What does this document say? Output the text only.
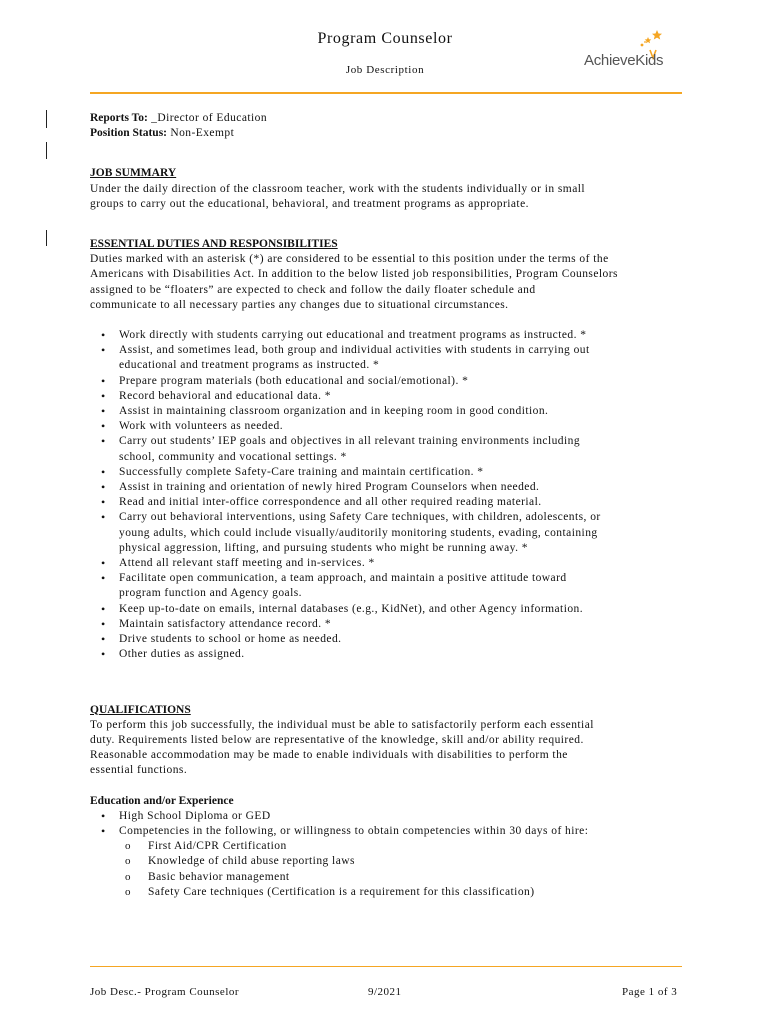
Program Counselor
Job Description
AchieveKids
Reports To: _Director of Education
Position Status: Non-Exempt
JOB SUMMARY
Under the daily direction of the classroom teacher, work with the students individually or in small
groups to carry out the educational, behavioral, and treatment programs as appropriate.
ESSENTIAL DUTIES AND RESPONSIBILITIES
Duties marked with an asterisk (*) are considered to be essential to this position under the terms of the
Americans with Disabilities Act. In addition to the below listed job responsibilities, Program Counselors
assigned to be “floaters” are expected to check and follow the daily floater schedule and
communicate to all necessary parties any changes due to situational circumstances.
• Work directly with students carrying out educational and treatment programs as instructed. *
• Assist, and sometimes lead, both group and individual activities with students in carrying out
educational and treatment programs as instructed. *
• Prepare program materials (both educational and social/emotional). *
• Record behavioral and educational data. *
• Assist in maintaining classroom organization and in keeping room in good condition.
• Work with volunteers as needed.
• Carry out students’ IEP goals and objectives in all relevant training environments including
school, community and vocational settings. *
• Successfully complete Safety-Care training and maintain certification. *
• Assist in training and orientation of newly hired Program Counselors when needed.
• Read and initial inter-office correspondence and all other required reading material.
• Carry out behavioral interventions, using Safety Care techniques, with children, adolescents, or
young adults, which could include visually/auditorily monitoring students, evading, containing
physical aggression, lifting, and pursuing students who might be running away. *
• Attend all relevant staff meeting and in-services. *
• Facilitate open communication, a team approach, and maintain a positive attitude toward
program function and Agency goals.
• Keep up-to-date on emails, internal databases (e.g., KidNet), and other Agency information.
• Maintain satisfactory attendance record. *
• Drive students to school or home as needed.
• Other duties as assigned.
QUALIFICATIONS
To perform this job successfully, the individual must be able to satisfactorily perform each essential
duty. Requirements listed below are representative of the knowledge, skill and/or ability required.
Reasonable accommodation may be made to enable individuals with disabilities to perform the
essential functions.
Education and/or Experience
• High School Diploma or GED
• Competencies in the following, or willingness to obtain competencies within 30 days of hire:
o First Aid/CPR Certification
o Knowledge of child abuse reporting laws
o Basic behavior management
o Safety Care techniques (Certification is a requirement for this classification)
Job Desc.- Program Counselor	9/2021	Page 1 of 3
